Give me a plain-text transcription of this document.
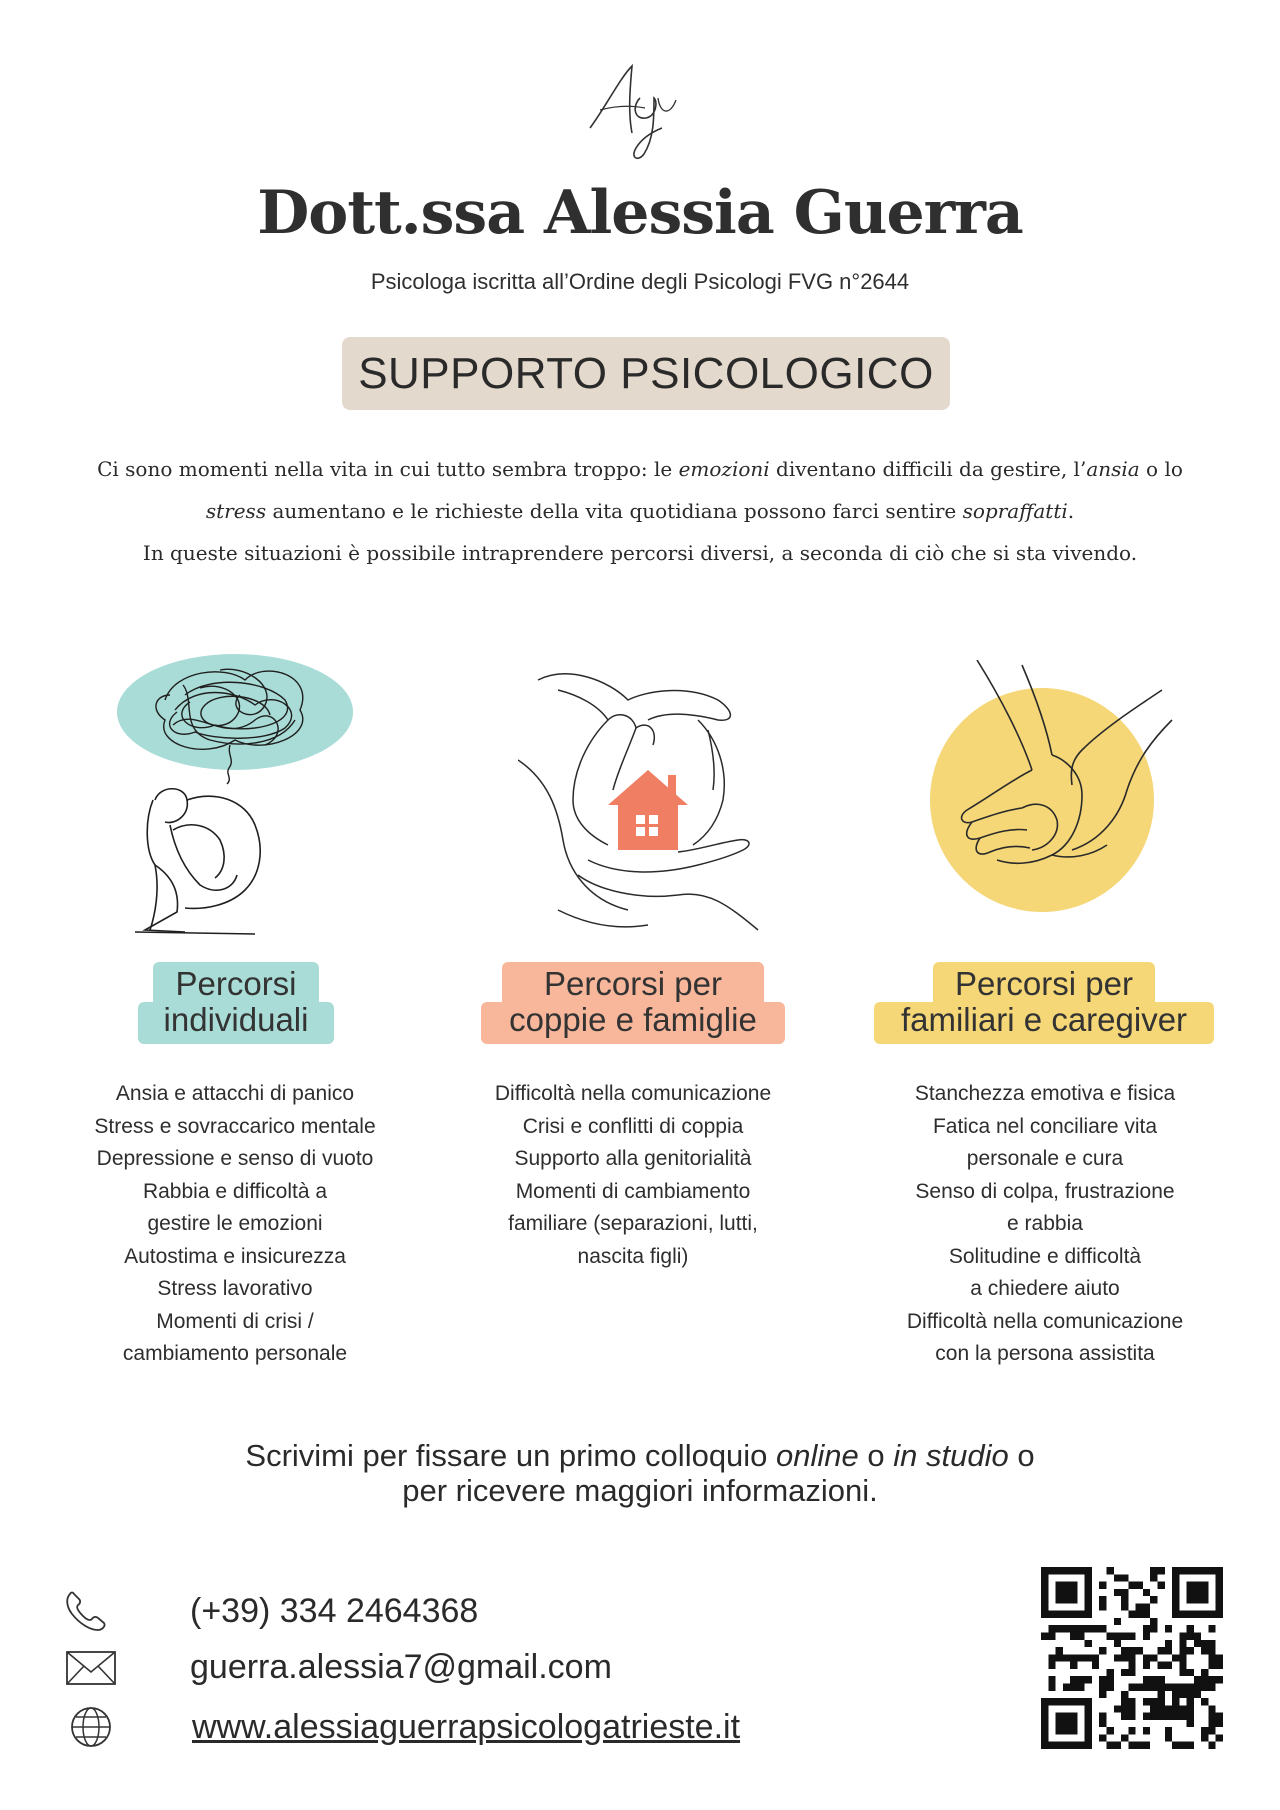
Dott.ssa Alessia Guerra
Psicologa iscritta all’Ordine degli Psicologi FVG n°2644
SUPPORTO PSICOLOGICO
Ci sono momenti nella vita in cui tutto sembra troppo: le emozioni diventano difficili da gestire, l’ansia o lo
stress aumentano e le richieste della vita quotidiana possono farci sentire sopraffatti.
In queste situazioni è possibile intraprendere percorsi diversi, a seconda di ciò che si sta vivendo.
Percorsi
individuali
Percorsi per
coppie e famiglie
Percorsi per
familiari e caregiver
Ansia e attacchi di panico
Stress e sovraccarico mentale
Depressione e senso di vuoto
Rabbia e difficoltà a
gestire le emozioni
Autostima e insicurezza
Stress lavorativo
Momenti di crisi /
cambiamento personale
Difficoltà nella comunicazione
Crisi e conflitti di coppia
Supporto alla genitorialità
Momenti di cambiamento
familiare (separazioni, lutti,
nascita figli)
Stanchezza emotiva e fisica
Fatica nel conciliare vita
personale e cura
Senso di colpa, frustrazione
e rabbia
Solitudine e difficoltà
a chiedere aiuto
Difficoltà nella comunicazione
con la persona assistita
Scrivimi per fissare un primo colloquio online o in studio o
per ricevere maggiori informazioni.
(+39) 334 2464368
guerra.alessia7@gmail.com
www.alessiaguerrapsicologatrieste.it
